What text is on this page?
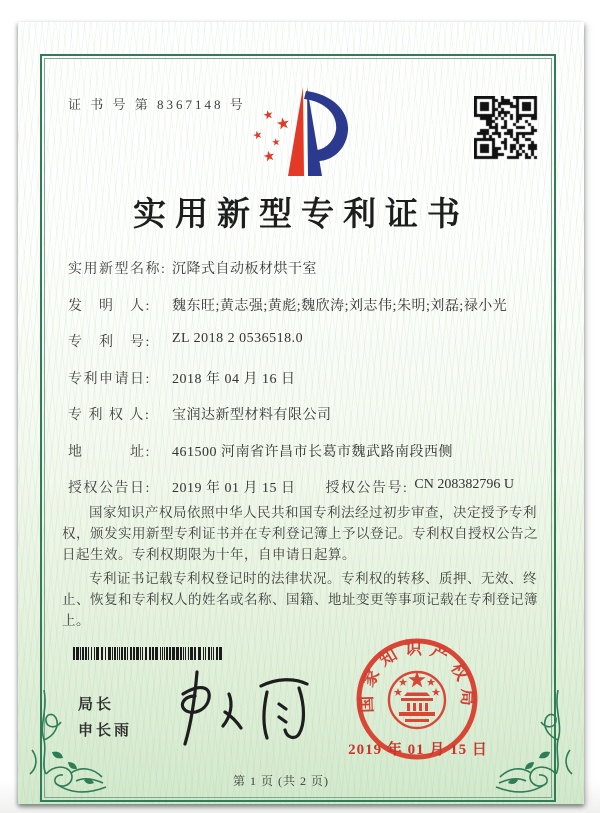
证 书 号 第 8367148 号
★ ★
★
★
★
实用新型专利证书
实用新型名称: 沉降式自动板材烘干室
发　明　人:	魏东旺;黄志强;黄彪;魏欣涛;刘志伟;朱明;刘磊;禄小光
专　利　号:	ZL 2018 2 0536518.0
专利申请日:	2018 年 04 月 16 日
专 利 权 人:	宝润达新型材料有限公司
地　　　址:	461500 河南省许昌市长葛市魏武路南段西侧
授权公告日:	2019 年 01 月 15 日 授权公告号: CN 208382796 U

国家知识产权局依照中华人民共和国专利法经过初步审查，决定授予专利权，颁发实用新型专利证书并在专利登记簿上予以登记。专利权自授权公告之日起生效。专利权期限为十年，自申请日起算。

专利证书记载专利权登记时的法律状况。专利权的转移、质押、无效、终止、恢复和专利权人的姓名或名称、国籍、地址变更等事项记载在专利登记簿上。

局长
申长雨
国家知识产权局
2019 年 01 月 15 日
第 1 页 (共 2 页)
